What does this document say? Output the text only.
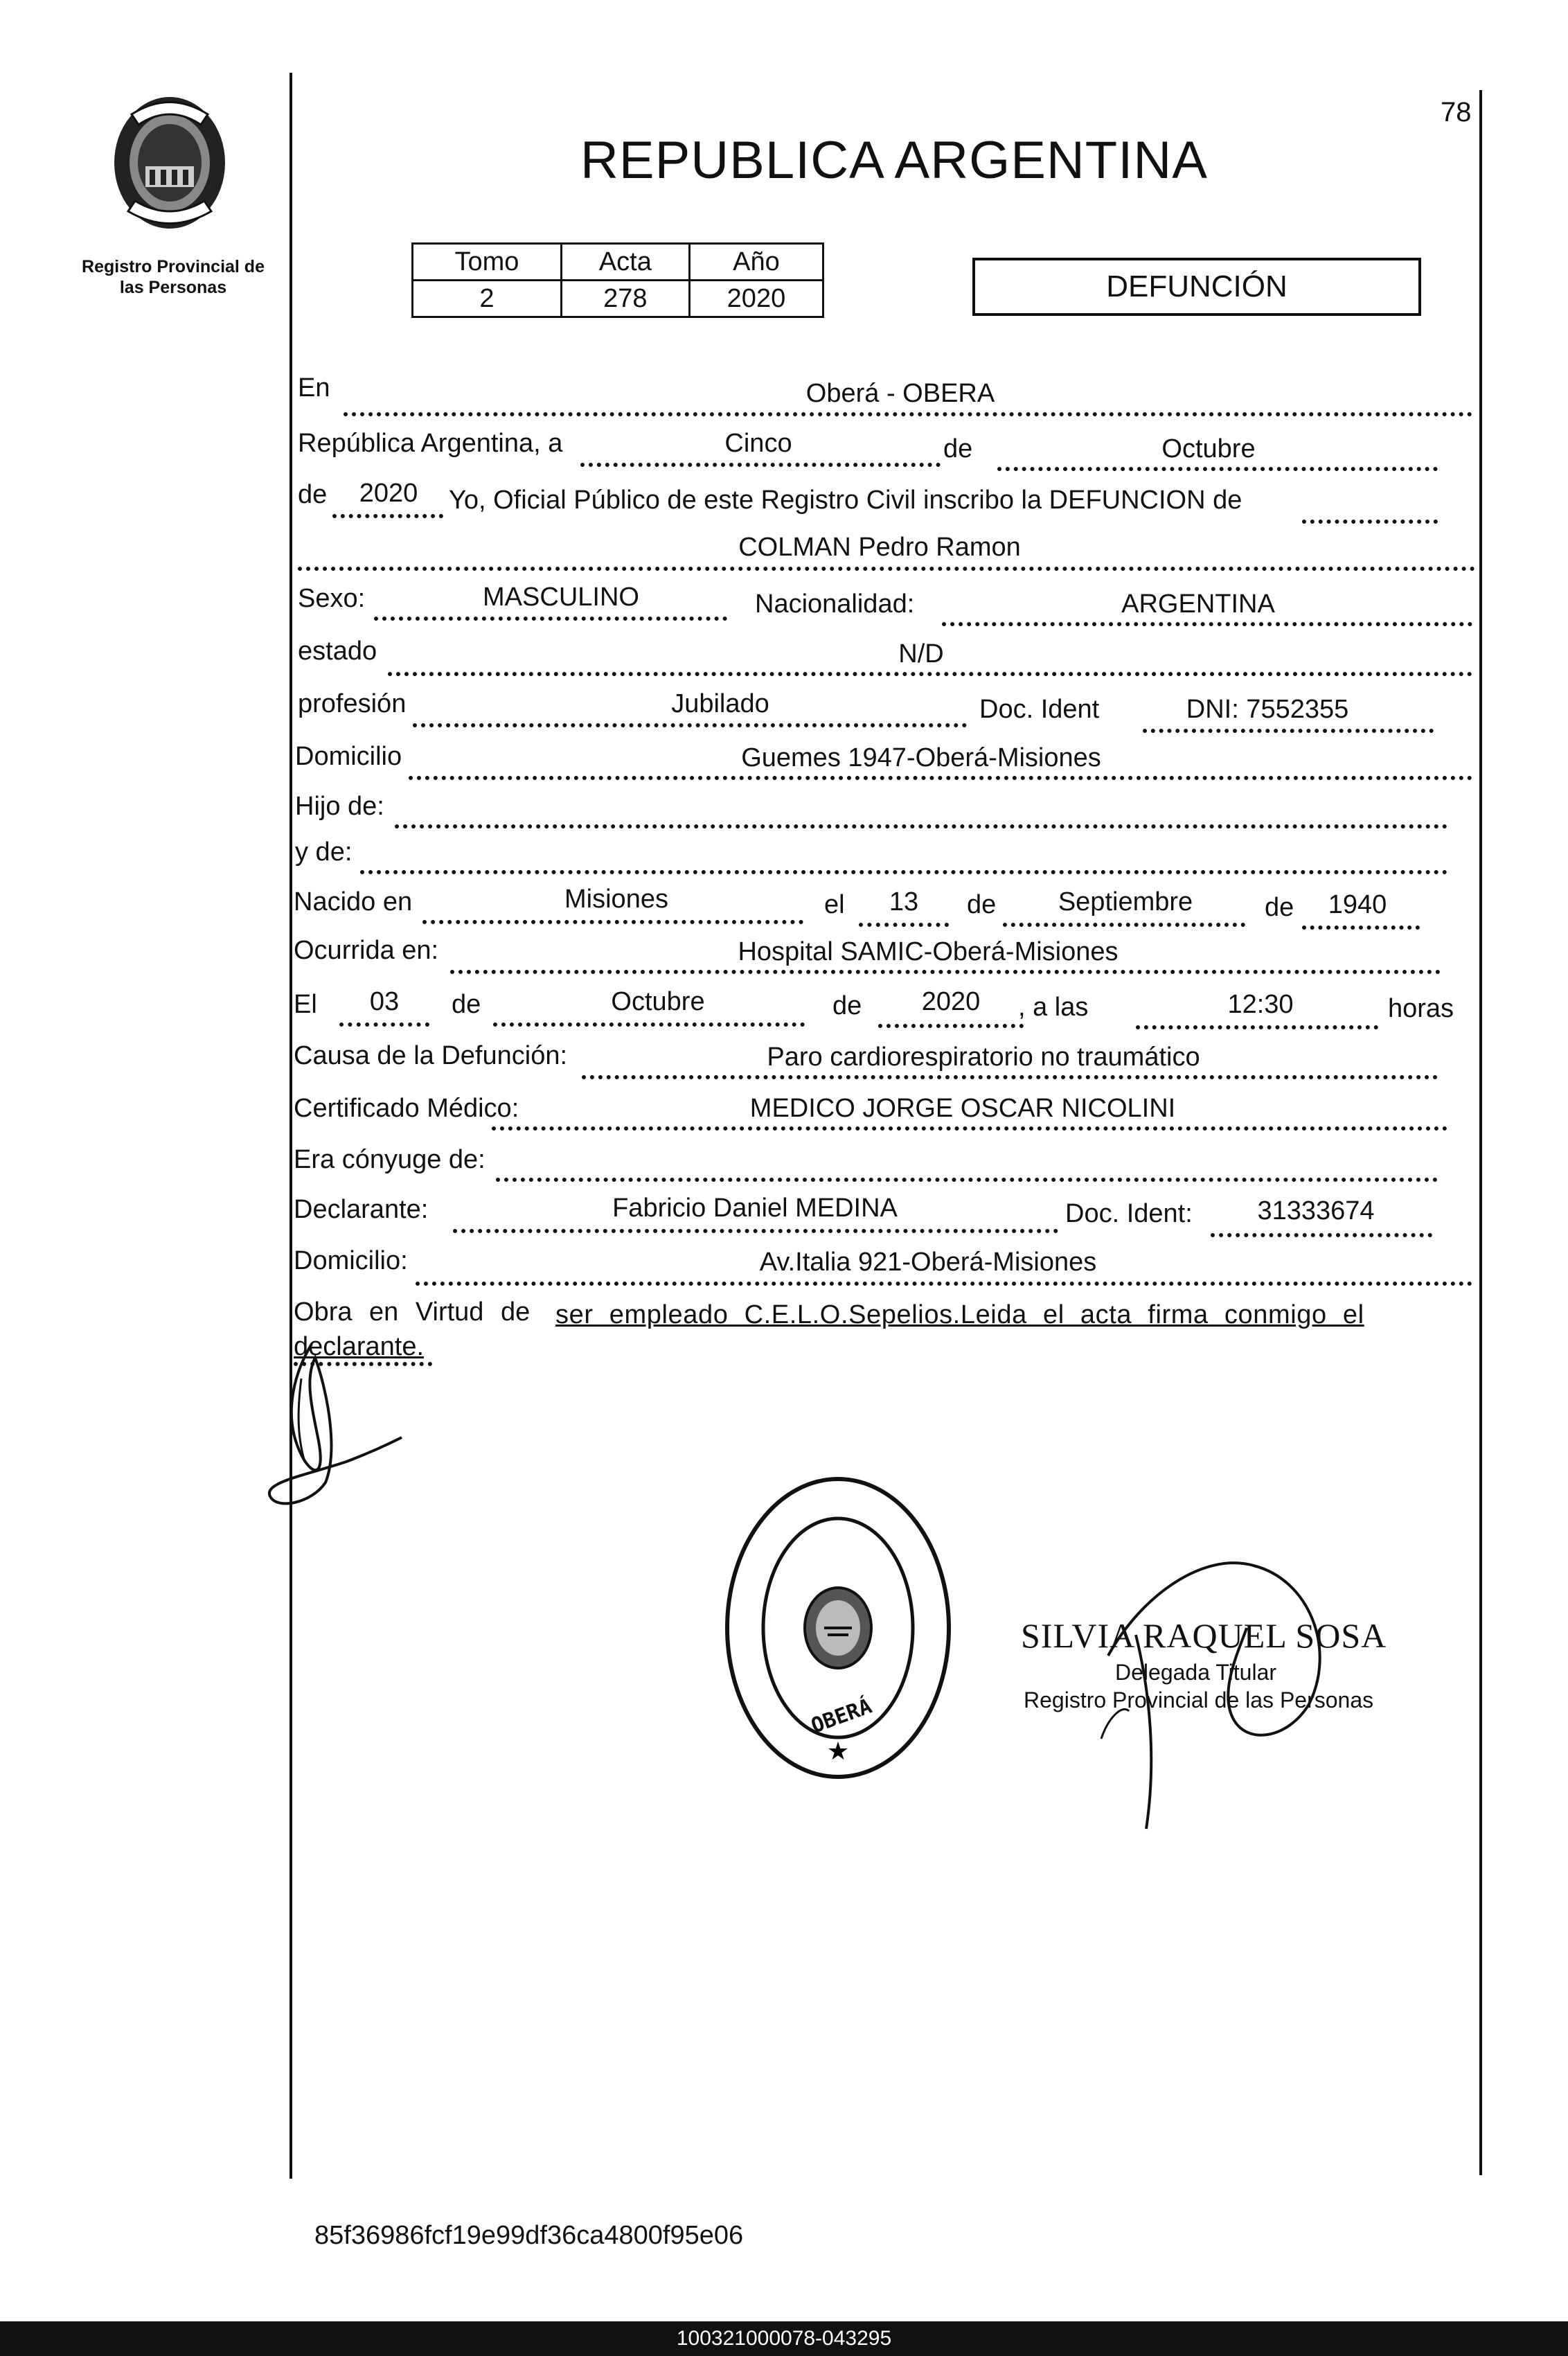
78
Registro Provincial de
las Personas
REPUBLICA ARGENTINA
Tomo	Acta	Año
2	278	2020	DEFUNCIÓN
En	Oberá - OBERA
República Argentina, a	Cinco	de	Octubre
de	2020	Yo, Oficial Público de este Registro Civil inscribo la DEFUNCION de
COLMAN Pedro Ramon
Sexo:	MASCULINO	Nacionalidad:	ARGENTINA
estado	N/D
profesión	Jubilado	Doc. Ident	DNI: 7552355
Domicilio	Guemes 1947-Oberá-Misiones
Hijo de:
y de:
Nacido en	Misiones	el	13	de	Septiembre	de	1940
Ocurrida en:	Hospital SAMIC-Oberá-Misiones
El	03	de	Octubre	de	2020	, a las	12:30	horas
Causa de la Defunción:	Paro cardiorespiratorio no traumático
Certificado Médico:	MEDICO JORGE OSCAR NICOLINI
Era cónyuge de:
Declarante:	Fabricio Daniel MEDINA	Doc. Ident:	31333674
Domicilio:	Av.Italia 921-Oberá-Misiones
Obra en Virtud de ser empleado C.E.L.O.Sepelios.Leida el acta firma conmigo el
declarante.
★
OBERÁ
SILVIA RAQUEL SOSA
Delegada Titular
Registro Provincial de las Personas
85f36986fcf19e99df36ca4800f95e06
100321000078-043295
